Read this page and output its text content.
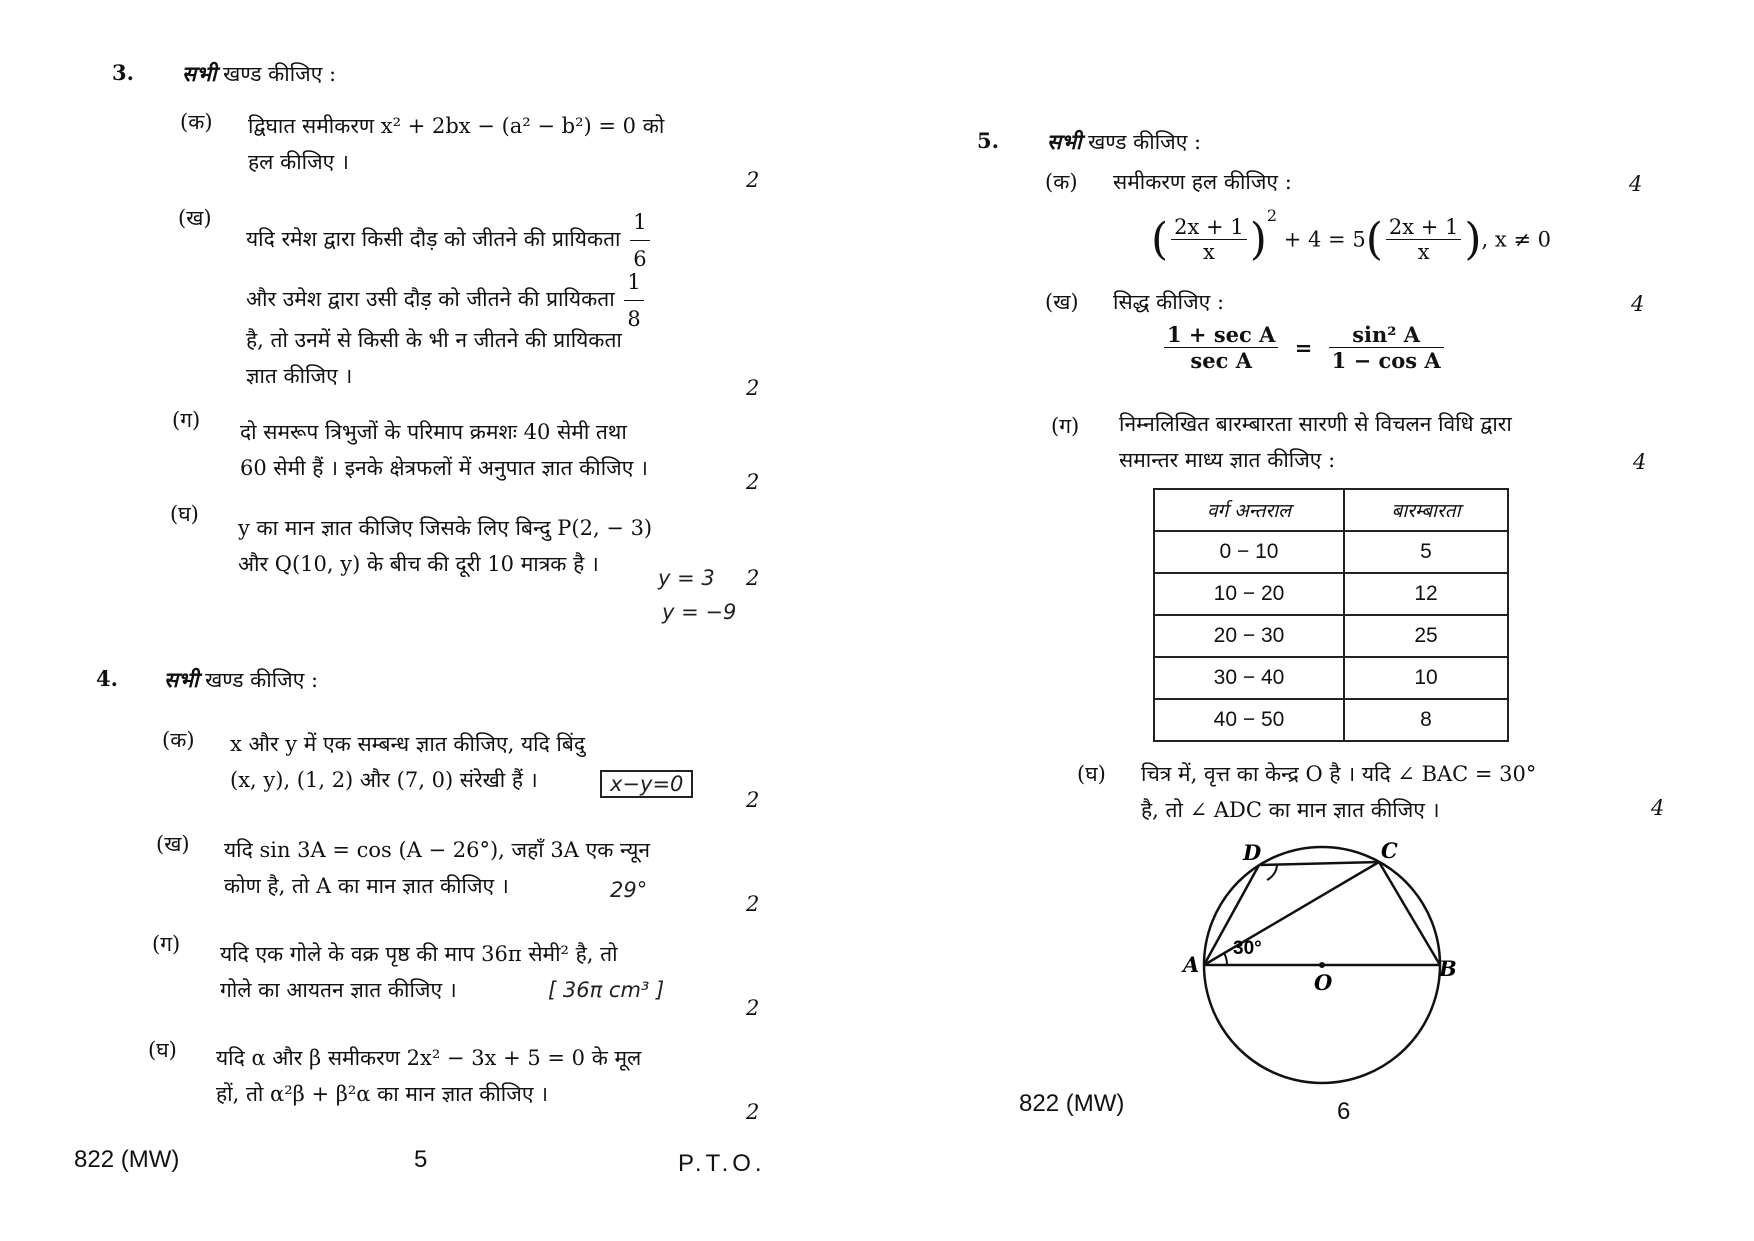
3. सभी खण्ड कीजिए :
(क) द्विघात समीकरण x² + 2bx − (a² − b²) = 0 को
हल कीजिए ।
2
(ख)
यदि रमेश द्वारा किसी दौड़ को जीतने की प्रायिकता $\frac{1}{6}$
और उमेश द्वारा उसी दौड़ को जीतने की प्रायिकता $\frac{1}{8}$
है, तो उनमें से किसी के भी न जीतने की प्रायिकता
ज्ञात कीजिए ।	2
(ग) दो समरूप त्रिभुजों के परिमाप क्रमशः 40 सेमी तथा
60 सेमी हैं । इनके क्षेत्रफलों में अनुपात ज्ञात कीजिए ।
2
(घ)
y का मान ज्ञात कीजिए जिसके लिए बिन्दु P(2, − 3)
और Q(10, y) के बीच की दूरी 10 मात्रक है ।
y = 3
y = −9
2
4. सभी खण्ड कीजिए :
(क) x और y में एक सम्बन्ध ज्ञात कीजिए, यदि बिंदु
(x, y), (1, 2) और (7, 0) संरेखी हैं ।	x−y=0
2
(ख) यदि sin 3A = cos (A − 26°), जहाँ 3A एक न्यून
कोण है, तो A का मान ज्ञात कीजिए ।	29°
2
(ग) यदि एक गोले के वक्र पृष्ठ की माप 36π सेमी² है, तो
गोले का आयतन ज्ञात कीजिए ।	[ 36π cm³ ]
2
(घ) यदि α और β समीकरण 2x² − 3x + 5 = 0 के मूल
हों, तो α²β + β²α का मान ज्ञात कीजिए ।
2
822 (MW)	5	P.T.O.
5. सभी खण्ड कीजिए :
(क) समीकरण हल कीजिए :	4
( $\frac{2x + 1}{x} )^2 + 4 = 5( \frac{2x + 1}{x}$ ), x ≠ 0
(ख) सिद्ध कीजिए :	4
$\frac{\text{1 + sec A}}{\text{sec A}} = \frac{\text{sin² A}}{\text{1 − cos A}}$
(ग) निम्नलिखित बारम्बारता सारणी से विचलन विधि द्वारा
समान्तर माध्य ज्ञात कीजिए :	4
वर्ग अन्तराल	बारम्बारता
0 − 10	5
10 − 20	12
20 − 30	25
30 − 40	10
40 − 50	8
(घ) चित्र में, वृत्त का केन्द्र O है । यदि ∠ BAC = 30°
है, तो ∠ ADC का मान ज्ञात कीजिए ।	4
A	B
C
D
O
30°
822 (MW)	6
